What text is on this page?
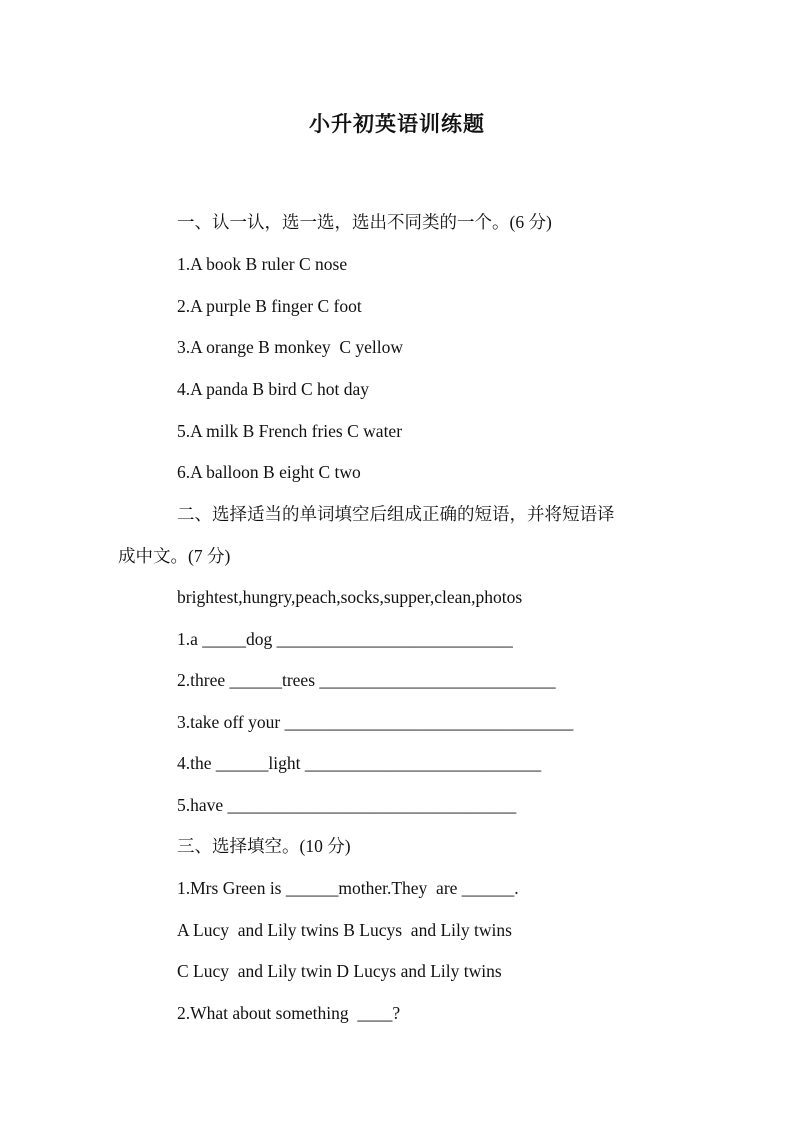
小升初英语训练题
一、认一认，选一选，选出不同类的一个。(6 分)
1.A book B ruler C nose
2.A purple B finger C foot
3.A orange B monkey  C yellow
4.A panda B bird C hot day
5.A milk B French fries C water
6.A balloon B eight C two
二、选择适当的单词填空后组成正确的短语，并将短语译
成中文。(7 分)
brightest,hungry,peach,socks,supper,clean,photos
1.a _____dog ___________________________
2.three ______trees ___________________________
3.take off your _________________________________
4.the ______light ___________________________
5.have _________________________________
三、选择填空。(10 分)
1.Mrs Green is ______mother.They  are ______.
A Lucy  and Lily twins B Lucys  and Lily twins
C Lucy  and Lily twin D Lucys and Lily twins
2.What about something  ____?
